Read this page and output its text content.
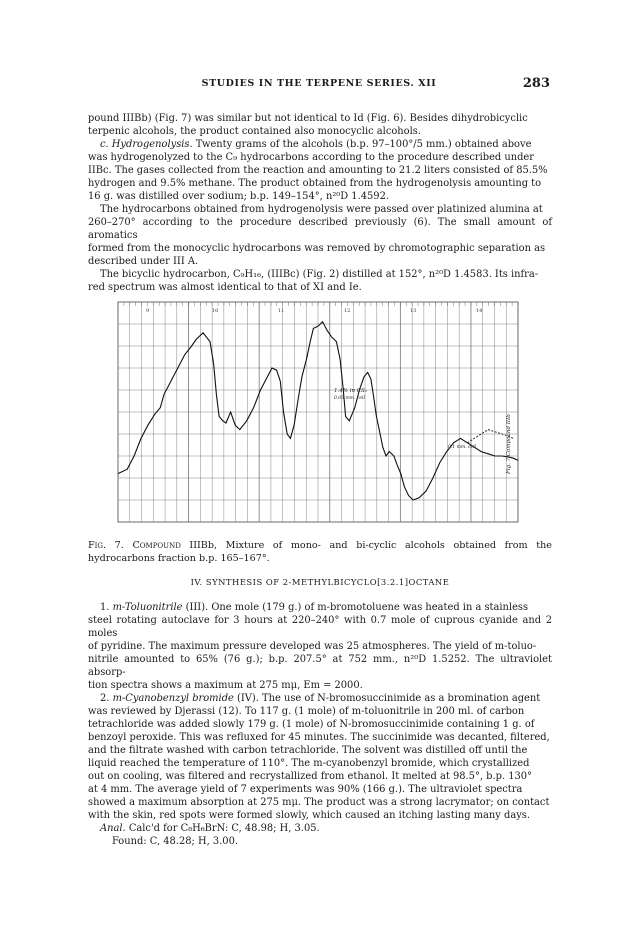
STUDIES IN THE TERPENE SERIES. XII	283

pound IIIBb) (Fig. 7) was similar but not identical to Id (Fig. 6). Besides dihydrobicyclic

terpenic alcohols, the product contained also monocyclic alcohols.

c. Hydrogenolysis. Twenty grams of the alcohols (b.p. 97–100°/5 mm.) obtained above

was hydrogenolyzed to the C₉ hydrocarbons according to the procedure described under

IIBc. The gases collected from the reaction and amounting to 21.2 liters consisted of 85.5%

hydrogen and 9.5% methane. The product obtained from the hydrogenolysis amounting to

16 g. was distilled over sodium; b.p. 149–154°, n²⁰D 1.4592.

The hydrocarbons obtained from hydrogenolysis were passed over platinized alumina at

260–270° according to the procedure described previously (6). The small amount of aromatics

formed from the monocyclic hydrocarbons was removed by chromotographic separation as

described under III A.

The bicyclic hydrocarbon, C₉H₁₆, (IIIBc) (Fig. 2) distilled at 152°, n²⁰D 1.4583. Its infra-

red spectrum was almost identical to that of XI and Ie.

9	10	11	12	13	14
1.4% in CS₂
0.05 mm. cell
0.1 mm. cell	Fig. 7 Compound IIIb
Fig. 7. Compound IIIBb, Mixture of mono- and bi-cyclic alcohols obtained from the hydrocarbons fraction b.p. 165–167°.
IV. SYNTHESIS OF 2-METHYLBICYCLO[3.2.1]OCTANE

1. m-Toluonitrile (III). One mole (179 g.) of m-bromotoluene was heated in a stainless

steel rotating autoclave for 3 hours at 220–240° with 0.7 mole of cuprous cyanide and 2 moles

of pyridine. The maximum pressure developed was 25 atmospheres. The yield of m-toluo-

nitrile amounted to 65% (76 g.); b.p. 207.5° at 752 mm., n²⁰D 1.5252. The ultraviolet absorp-

tion spectra shows a maximum at 275 mμ, Em = 2000.

2. m-Cyanobenzyl bromide (IV). The use of N-bromosuccinimide as a bromination agent

was reviewed by Djerassi (12). To 117 g. (1 mole) of m-toluonitrile in 200 ml. of carbon

tetrachloride was added slowly 179 g. (1 mole) of N-bromosuccinimide containing 1 g. of

benzoyl peroxide. This was refluxed for 45 minutes. The succinimide was decanted, filtered,

and the filtrate washed with carbon tetrachloride. The solvent was distilled off until the

liquid reached the temperature of 110°. The m-cyanobenzyl bromide, which crystallized

out on cooling, was filtered and recrystallized from ethanol. It melted at 98.5°, b.p. 130°

at 4 mm. The average yield of 7 experiments was 90% (166 g.). The ultraviolet spectra

showed a maximum absorption at 275 mμ. The product was a strong lacrymator; on contact

with the skin, red spots were formed slowly, which caused an itching lasting many days.

Anal. Calc'd for C₈H₆BrN: C, 48.98; H, 3.05.

Found: C, 48.28; H, 3.00.
